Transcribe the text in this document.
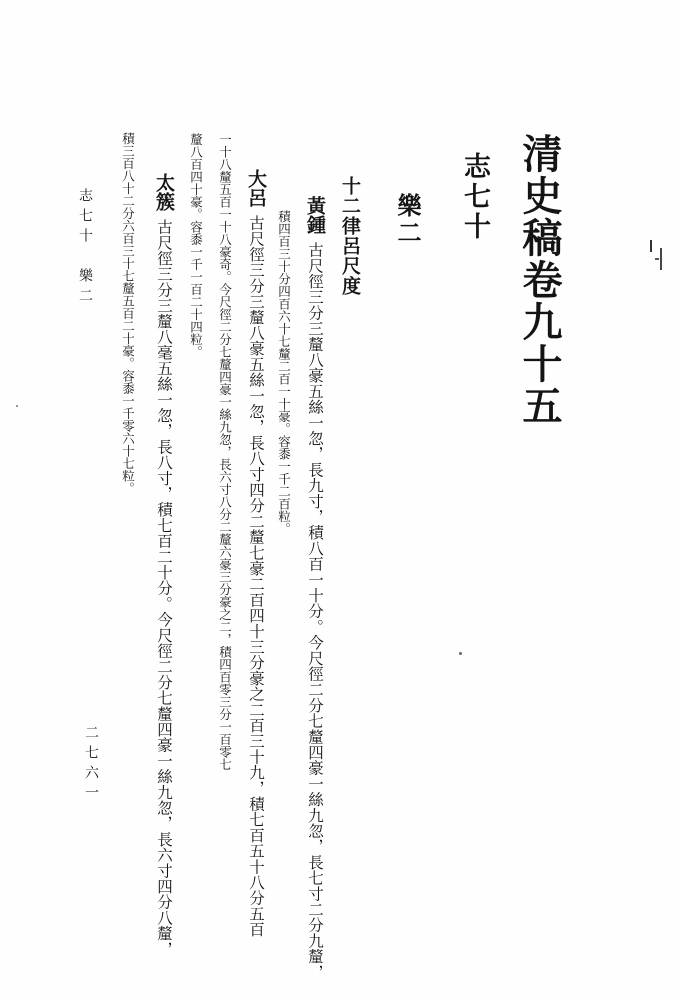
清史稿卷九十五
志七十
樂二
十二律呂尺度
黃鍾古尺徑三分三釐八豪五絲一忽，長九寸，積八百一十分。今尺徑二分七釐四豪一絲九忽，長七寸二分九釐，
積四百三十分四百六十七釐二百一十豪。容黍一千二百粒。
大呂古尺徑三分三釐八豪五絲一忽，長八寸四分二釐七豪二百四十三分豪之二百三十九，積七百五十八分五百
一十八釐五百一十八豪奇。今尺徑二分七釐四豪一絲九忽，長六寸八分二釐六豪三分豪之二，積四百零三分一百零七
釐八百四十豪。容黍一千一百二十四粒。
太簇古尺徑三分三釐八毫五絲一忽，長八寸，積七百二十分。今尺徑二分七釐四豪一絲九忽，長六寸四分八釐，
積三百八十二分六百三十七釐五百二十豪。容黍一千零六十七粒。
志七十　樂二
二七六一
